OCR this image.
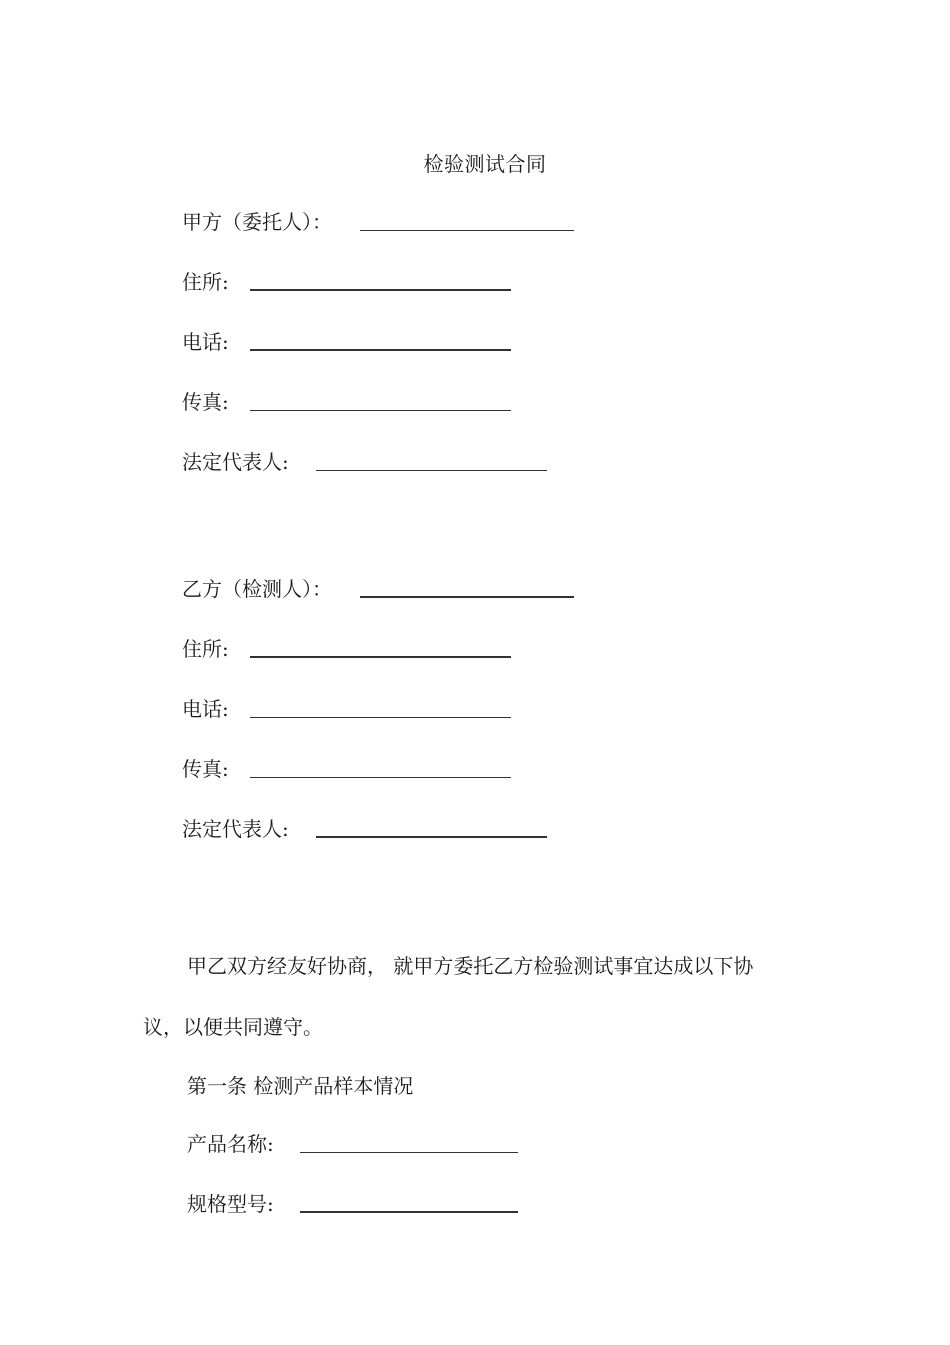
检验测试合同
甲方（委托人）：
住所:
电话:
传真:
法定代表人:
乙方（检测人）：
住所:
电话:
传真:
法定代表人:
甲乙双方经友好协商， 就甲方委托乙方检验测试事宜达成以下协
议，以便共同遵守。
第一条 检测产品样本情况
产品名称:
规格型号:
